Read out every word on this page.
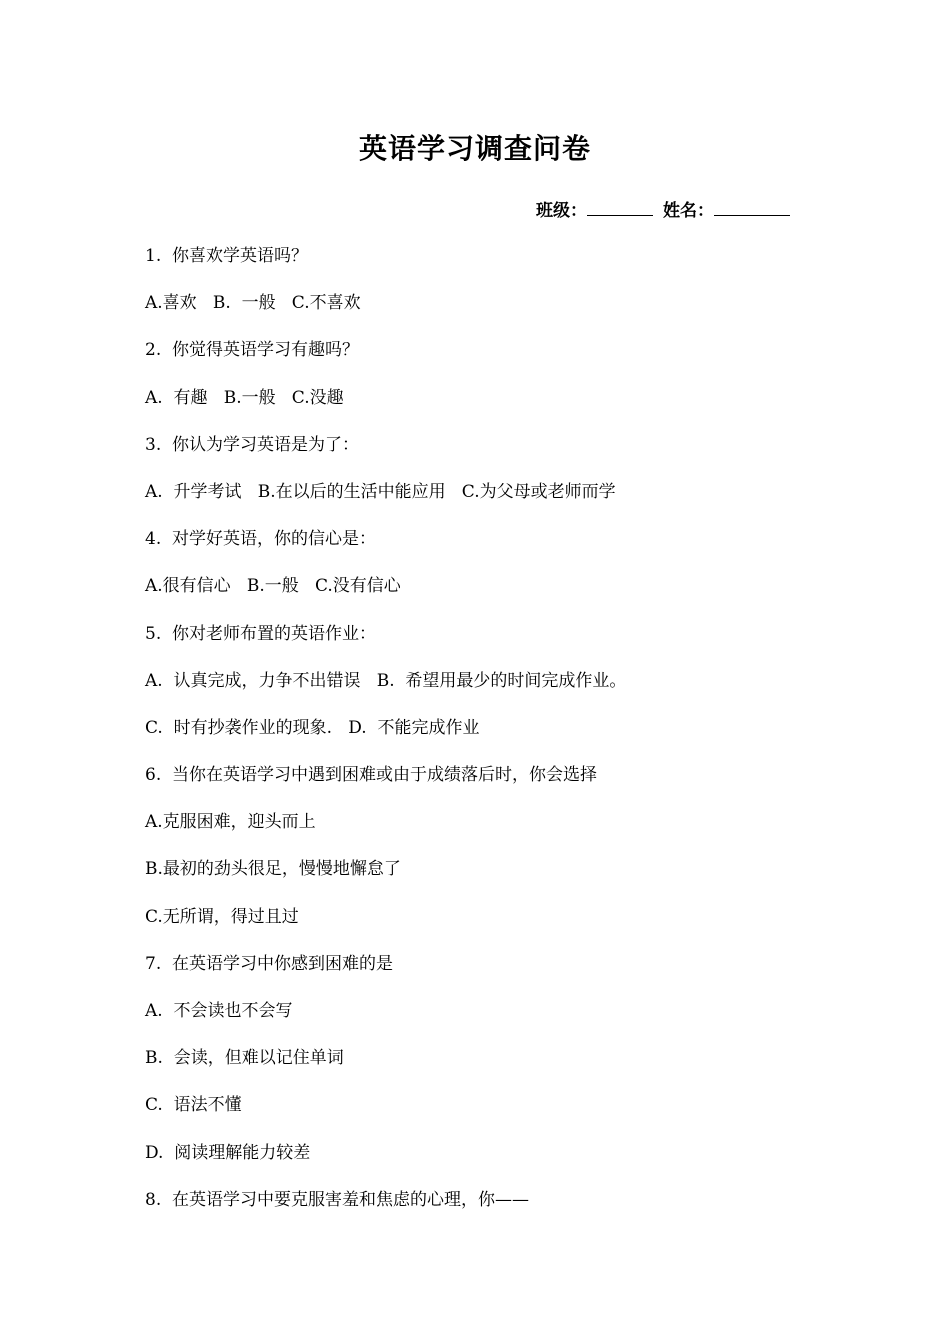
英语学习调查问卷
班级：	姓名：
1.  你喜欢学英语吗？
A.喜欢   B.  一般   C.不喜欢
2.  你觉得英语学习有趣吗？
A.  有趣   B.一般   C.没趣
3.  你认为学习英语是为了：
A.  升学考试   B.在以后的生活中能应用   C.为父母或老师而学
4.  对学好英语，你的信心是：
A.很有信心   B.一般   C.没有信心
5.  你对老师布置的英语作业：
A.  认真完成，力争不出错误   B.  希望用最少的时间完成作业。
C.  时有抄袭作业的现象.   D.  不能完成作业
6.  当你在英语学习中遇到困难或由于成绩落后时，你会选择
A.克服困难，迎头而上
B.最初的劲头很足，慢慢地懈怠了
C.无所谓，得过且过
7.  在英语学习中你感到困难的是
A.  不会读也不会写
B.  会读，但难以记住单词
C.  语法不懂
D.  阅读理解能力较差
8.  在英语学习中要克服害羞和焦虑的心理，你——
